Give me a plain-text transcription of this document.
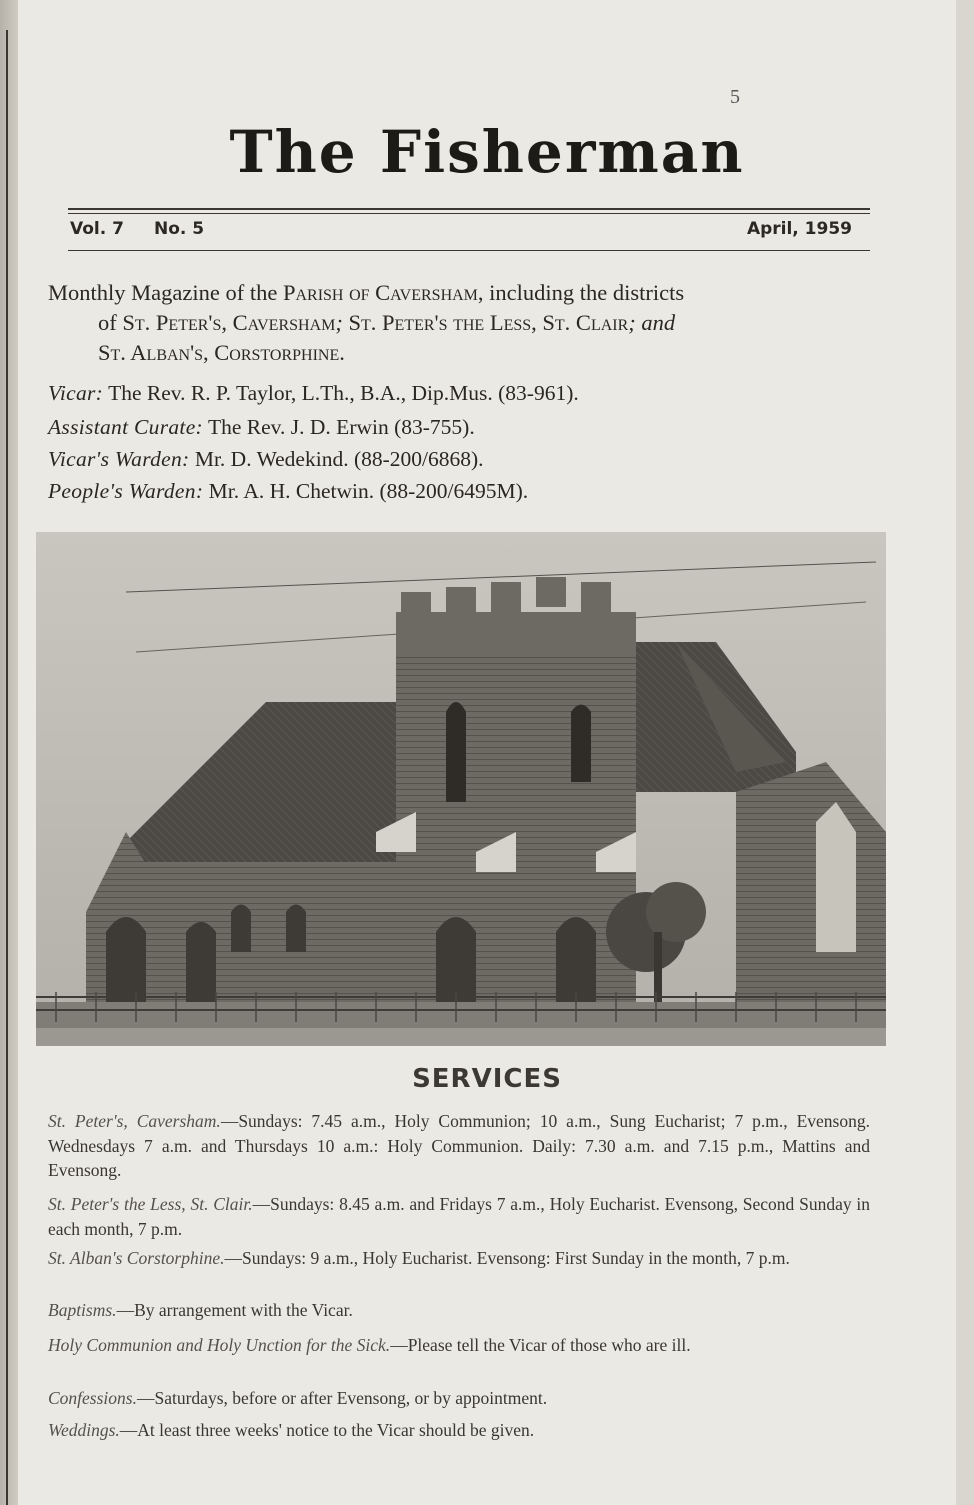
5
The Fisherman
Vol. 7 No. 5	April, 1959
Monthly Magazine of the Parish of Caversham, including the districts
of St. Peter's, Caversham; St. Peter's the Less, St. Clair; and
St. Alban's, Corstorphine.
Vicar: The Rev. R. P. Taylor, L.Th., B.A., Dip.Mus. (83-961).
Assistant Curate: The Rev. J. D. Erwin (83-755).
Vicar's Warden: Mr. D. Wedekind. (88-200/6868).
People's Warden: Mr. A. H. Chetwin. (88-200/6495M).
SERVICES
St. Peter's, Caversham.—Sundays: 7.45 a.m., Holy Communion; 10 a.m., Sung Eucharist; 7 p.m., Evensong. Wednesdays 7 a.m. and Thursdays 10 a.m.: Holy Communion. Daily: 7.30 a.m. and 7.15 p.m., Mattins and Evensong.
St. Peter's the Less, St. Clair.—Sundays: 8.45 a.m. and Fridays 7 a.m., Holy Eucharist. Evensong, Second Sunday in each month, 7 p.m.
St. Alban's Corstorphine.—Sundays: 9 a.m., Holy Eucharist. Evensong: First Sunday in the month, 7 p.m.
Baptisms.—By arrangement with the Vicar.
Holy Communion and Holy Unction for the Sick.—Please tell the Vicar of those who are ill.
Confessions.—Saturdays, before or after Evensong, or by appointment.
Weddings.—At least three weeks' notice to the Vicar should be given.
